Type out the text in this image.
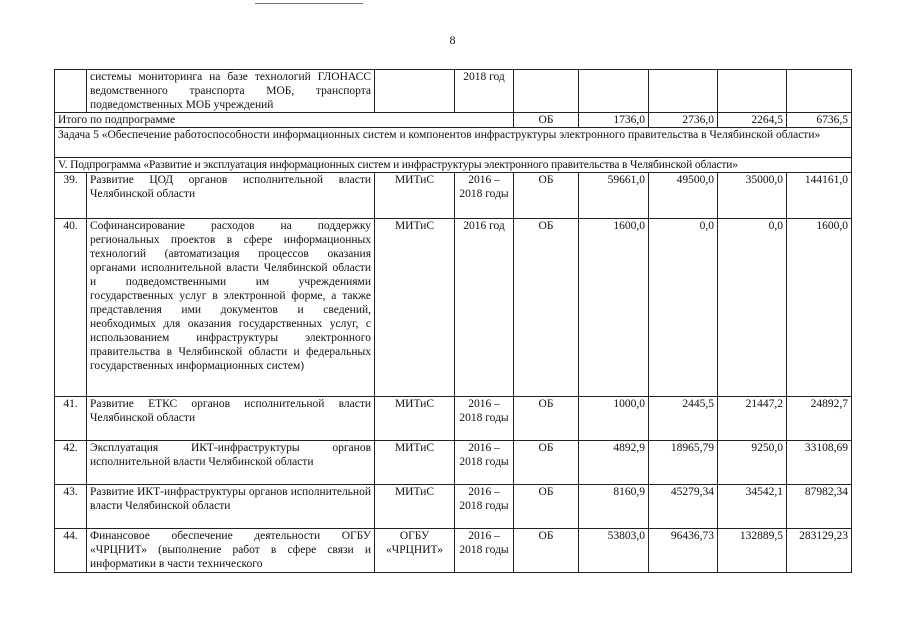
8
	системы мониторинга на базе технологий ГЛОНАСС ведомственного транспорта МОБ, транспорта подведомственных МОБ учреждений		2018 год					
Итого по подпрограмме				ОБ	1736,0	2736,0	2264,5	6736,5
Задача 5 «Обеспечение работоспособности информационных систем и компонентов инфраструктуры электронного правительства в Челябинской области»								
V. Подпрограмма «Развитие и эксплуатация информационных систем и инфраструктуры электронного правительства в Челябинской области»								
39.	Развитие ЦОД органов исполнительной власти Челябинской области	МИТиС	2016 – 2018 годы	ОБ	59661,0	49500,0	35000,0	144161,0
40.	Софинансирование расходов на поддержку региональных проектов в сфере информационных технологий (автоматизация процессов оказания органами исполнительной власти Челябинской области и подведомственными им учреждениями государственных услуг в электронной форме, а также представления ими документов и сведений, необходимых для оказания государственных услуг, с использованием инфраструктуры электронного правительства в Челябинской области и федеральных государственных информационных систем)	МИТиС	2016 год	ОБ	1600,0	0,0	0,0	1600,0
41.	Развитие ЕТКС органов исполнительной власти Челябинской области	МИТиС	2016 – 2018 годы	ОБ	1000,0	2445,5	21447,2	24892,7
42.	Эксплуатация ИКТ-инфраструктуры органов исполнительной власти Челябинской области	МИТиС	2016 – 2018 годы	ОБ	4892,9	18965,79	9250,0	33108,69
43.	Развитие ИКТ-инфраструктуры органов исполнительной власти Челябинской области	МИТиС	2016 – 2018 годы	ОБ	8160,9	45279,34	34542,1	87982,34
44.	Финансовое обеспечение деятельности ОГБУ «ЧРЦНИТ» (выполнение работ в сфере связи и информатики в части технического	ОГБУ «ЧРЦНИТ»	2016 – 2018 годы	ОБ	53803,0	96436,73	132889,5	283129,23
